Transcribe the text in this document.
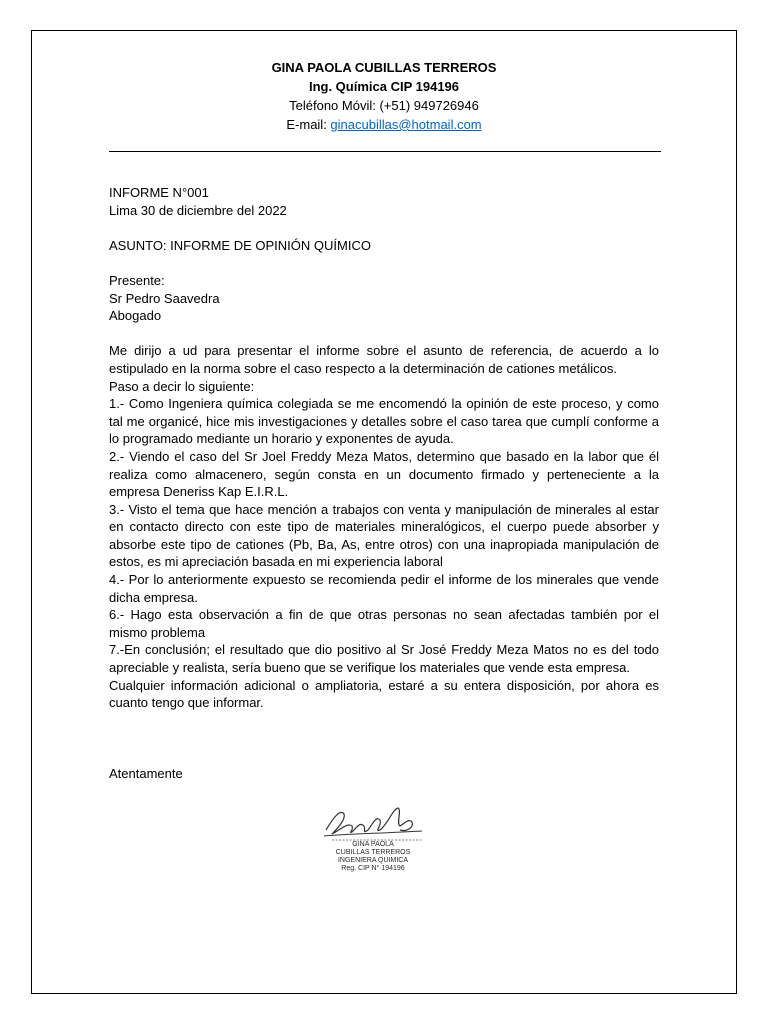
GINA PAOLA CUBILLAS TERREROS
Ing. Química CIP 194196
Teléfono Móvil: (+51) 949726946
E-mail: ginacubillas@hotmail.com

INFORME N°001

Lima 30 de diciembre del 2022

ASUNTO: INFORME DE OPINIÓN QUÍMICO

Presente:

Sr Pedro Saavedra

Abogado

Me dirijo a ud para presentar el informe sobre el asunto de referencia, de acuerdo a lo estipulado en la norma sobre el caso respecto a la determinación de cationes metálicos.

Paso a decir lo siguiente:

1.- Como Ingeniera química colegiada se me encomendó la opinión de este proceso, y como tal me organicé, hice mis investigaciones y detalles sobre el caso tarea que cumplí conforme a lo programado mediante un horario y exponentes de ayuda.

2.- Viendo el caso del Sr Joel Freddy Meza Matos, determino que basado en la labor que él realiza como almacenero, según consta en un documento firmado y perteneciente a la empresa Deneriss Kap E.I.R.L.

3.- Visto el tema que hace mención a trabajos con venta y manipulación de minerales al estar en contacto directo con este tipo de materiales mineralógicos, el cuerpo puede absorber y absorbe este tipo de cationes (Pb, Ba, As, entre otros) con una inapropiada manipulación de estos, es mi apreciación basada en mi experiencia laboral

4.- Por lo anteriormente expuesto se recomienda pedir el informe de los minerales que vende dicha empresa.

6.- Hago esta observación a fin de que otras personas no sean afectadas también por el mismo problema

7.-En conclusión; el resultado que dio positivo al Sr José Freddy Meza Matos no es del todo apreciable y realista, sería bueno que se verifique los materiales que vende esta empresa.

Cualquier información adicional o ampliatoria, estaré a su entera disposición, por ahora es cuanto tengo que informar.

Atentamente

GINA PAOLA
CUBILLAS TERREROS
INGENIERA QUIMICA
Reg. CIP N° 194196
